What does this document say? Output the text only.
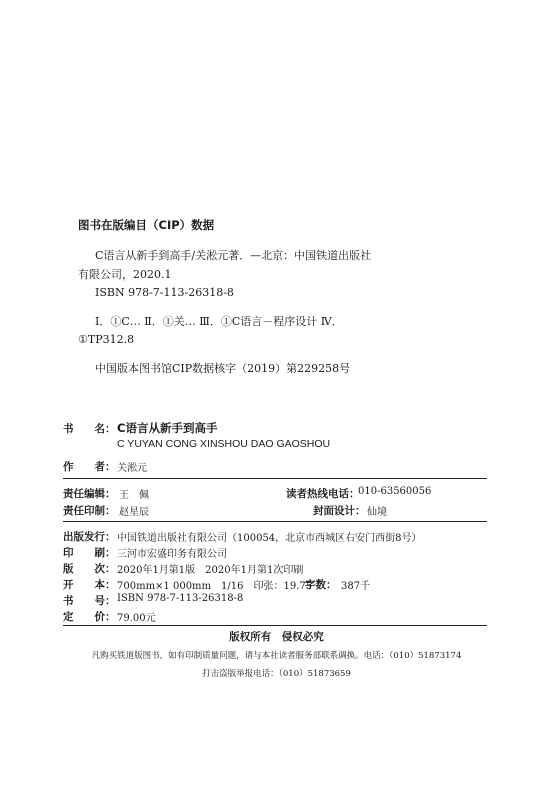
图书在版编目（CIP）数据
C语言从新手到高手/关淞元著．—北京：中国铁道出版社
有限公司，2020.1
ISBN 978-7-113-26318-8
Ⅰ．①C… Ⅱ．①关… Ⅲ．①C语言－程序设计 Ⅳ．
①TP312.8
中国版本图书馆CIP数据核字（2019）第229258号
书　　名： C语言从新手到高手
C YUYAN CONG XINSHOU DAO GAOSHOU
作　　者： 关淞元
责任编辑： 王　佩	读者热线电话：
010-63560056
责任印制： 赵星辰	封面设计： 仙境
出版发行： 中国铁道出版社有限公司（100054，北京市西城区右安门西街8号）
印　　刷： 三河市宏盛印务有限公司
版　　次： 2020年1月第1版　2020年1月第1次印刷
开　　本： 700mm×1 000mm　1/16　印张：19.75
字数： 387千
书　　号： ISBN 978-7-113-26318-8
定　　价： 79.00元
版权所有　侵权必究
凡购买铁道版图书，如有印制质量问题，请与本社读者服务部联系调换。电话：（010）51873174
打击盗版举报电话：（010）51873659
